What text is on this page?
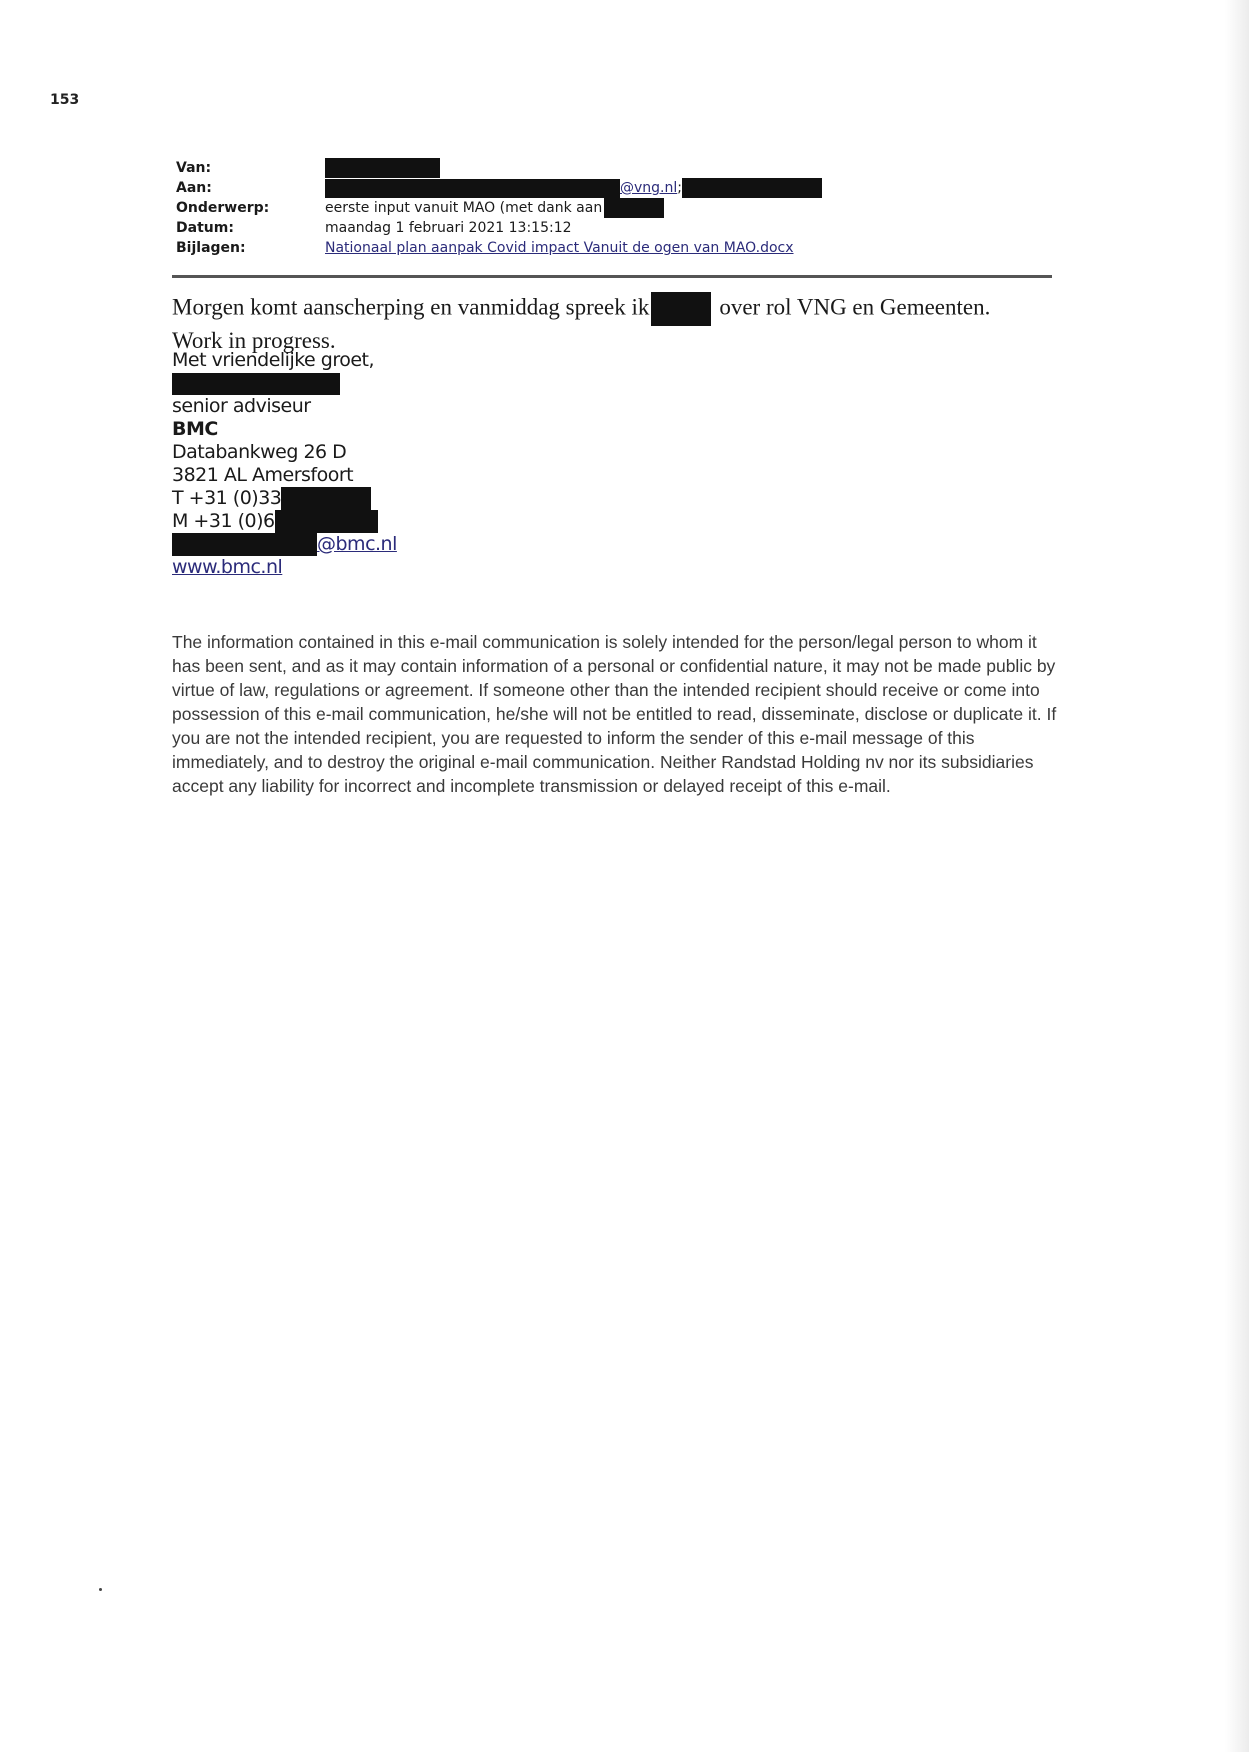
153
Van:
Aan:	@vng.nl;
Onderwerp:	eerste input vanuit MAO (met dank aan
Datum:	maandag 1 februari 2021 13:15:12
Bijlagen:	Nationaal plan aanpak Covid impact Vanuit de ogen van MAO.docx
Morgen komt aanscherping en vanmiddag spreek ik	over rol VNG en Gemeenten.
Work in progress.
Met vriendelijke groet,
senior adviseur
BMC
Databankweg 26 D
3821 AL Amersfoort
T +31 (0)33
M +31 (0)6
@bmc.nl
www.bmc.nl

The information contained in this e-mail communication is solely intended for the person/legal person to whom it has been sent, and as it may contain information of a personal or confidential nature, it may not be made public by virtue of law, regulations or agreement. If someone other than the intended recipient should receive or come into possession of this e-mail communication, he/she will not be entitled to read, disseminate, disclose or duplicate it. If you are not the intended recipient, you are requested to inform the sender of this e-mail message of this immediately, and to destroy the original e-mail communication. Neither Randstad Holding nv nor its subsidiaries accept any liability for incorrect and incomplete transmission or delayed receipt of this e-mail.
